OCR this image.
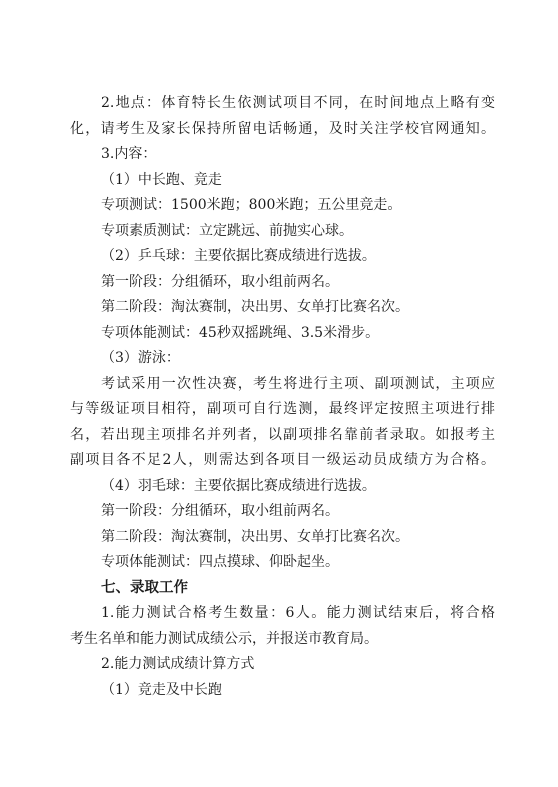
2.地点：体育特长生依测试项目不同，在时间地点上略有变
化，请考生及家长保持所留电话畅通，及时关注学校官网通知。
3.内容：
（1）中长跑、竞走
专项测试：1500米跑；800米跑；五公里竞走。
专项素质测试：立定跳远、前抛实心球。
（2）乒乓球：主要依据比赛成绩进行选拔。
第一阶段：分组循环，取小组前两名。
第二阶段：淘汰赛制，决出男、女单打比赛名次。
专项体能测试：45秒双摇跳绳、3.5米滑步。
（3）游泳：
考试采用一次性决赛，考生将进行主项、副项测试，主项应
与等级证项目相符，副项可自行选测，最终评定按照主项进行排
名，若出现主项排名并列者，以副项排名靠前者录取。如报考主
副项目各不足2人，则需达到各项目一级运动员成绩方为合格。
（4）羽毛球：主要依据比赛成绩进行选拔。
第一阶段：分组循环，取小组前两名。
第二阶段：淘汰赛制，决出男、女单打比赛名次。
专项体能测试：四点摸球、仰卧起坐。
七、录取工作
1.能力测试合格考生数量：6人。能力测试结束后，将合格
考生名单和能力测试成绩公示，并报送市教育局。
2.能力测试成绩计算方式
（1）竞走及中长跑
